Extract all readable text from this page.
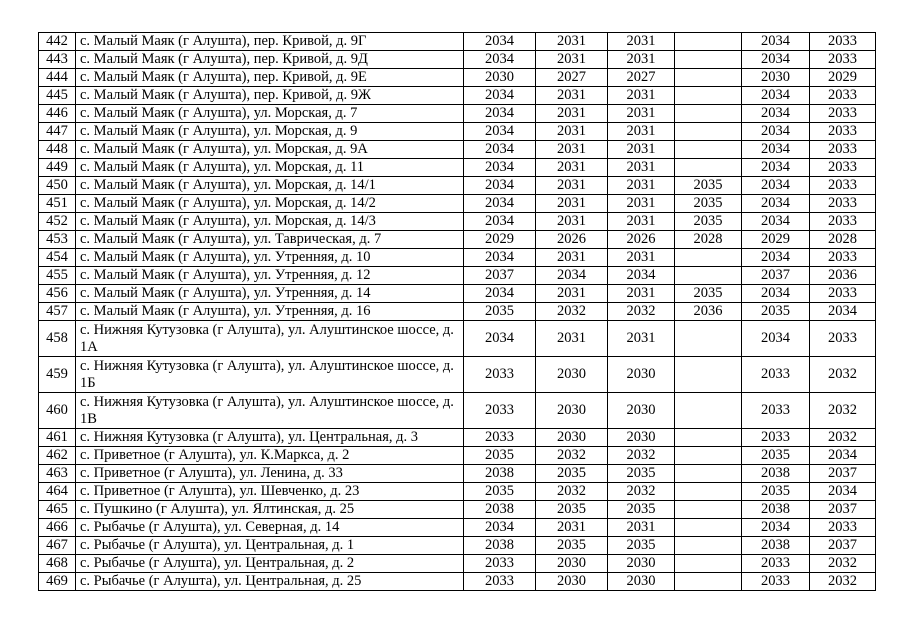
442	с. Малый Маяк (г Алушта), пер. Кривой, д. 9Г	2034	2031	2031		2034	2033
443	с. Малый Маяк (г Алушта), пер. Кривой, д. 9Д	2034	2031	2031		2034	2033
444	с. Малый Маяк (г Алушта), пер. Кривой, д. 9Е	2030	2027	2027		2030	2029
445	с. Малый Маяк (г Алушта), пер. Кривой, д. 9Ж	2034	2031	2031		2034	2033
446	с. Малый Маяк (г Алушта), ул. Морская, д. 7	2034	2031	2031		2034	2033
447	с. Малый Маяк (г Алушта), ул. Морская, д. 9	2034	2031	2031		2034	2033
448	с. Малый Маяк (г Алушта), ул. Морская, д. 9А	2034	2031	2031		2034	2033
449	с. Малый Маяк (г Алушта), ул. Морская, д. 11	2034	2031	2031		2034	2033
450	с. Малый Маяк (г Алушта), ул. Морская, д. 14/1	2034	2031	2031	2035	2034	2033
451	с. Малый Маяк (г Алушта), ул. Морская, д. 14/2	2034	2031	2031	2035	2034	2033
452	с. Малый Маяк (г Алушта), ул. Морская, д. 14/3	2034	2031	2031	2035	2034	2033
453	с. Малый Маяк (г Алушта), ул. Таврическая, д. 7	2029	2026	2026	2028	2029	2028
454	с. Малый Маяк (г Алушта), ул. Утренняя, д. 10	2034	2031	2031		2034	2033
455	с. Малый Маяк (г Алушта), ул. Утренняя, д. 12	2037	2034	2034		2037	2036
456	с. Малый Маяк (г Алушта), ул. Утренняя, д. 14	2034	2031	2031	2035	2034	2033
457	с. Малый Маяк (г Алушта), ул. Утренняя, д. 16	2035	2032	2032	2036	2035	2034
458	с. Нижняя Кутузовка (г Алушта), ул. Алуштинское шоссе, д. 1А	2034	2031	2031		2034	2033
459	с. Нижняя Кутузовка (г Алушта), ул. Алуштинское шоссе, д. 1Б	2033	2030	2030		2033	2032
460	с. Нижняя Кутузовка (г Алушта), ул. Алуштинское шоссе, д. 1В	2033	2030	2030		2033	2032
461	с. Нижняя Кутузовка (г Алушта), ул. Центральная, д. 3	2033	2030	2030		2033	2032
462	с. Приветное (г Алушта), ул. К.Маркса, д. 2	2035	2032	2032		2035	2034
463	с. Приветное (г Алушта), ул. Ленина, д. 33	2038	2035	2035		2038	2037
464	с. Приветное (г Алушта), ул. Шевченко, д. 23	2035	2032	2032		2035	2034
465	с. Пушкино (г Алушта), ул. Ялтинская, д. 25	2038	2035	2035		2038	2037
466	с. Рыбачье (г Алушта), ул. Северная, д. 14	2034	2031	2031		2034	2033
467	с. Рыбачье (г Алушта), ул. Центральная, д. 1	2038	2035	2035		2038	2037
468	с. Рыбачье (г Алушта), ул. Центральная, д. 2	2033	2030	2030		2033	2032
469	с. Рыбачье (г Алушта), ул. Центральная, д. 25	2033	2030	2030		2033	2032
